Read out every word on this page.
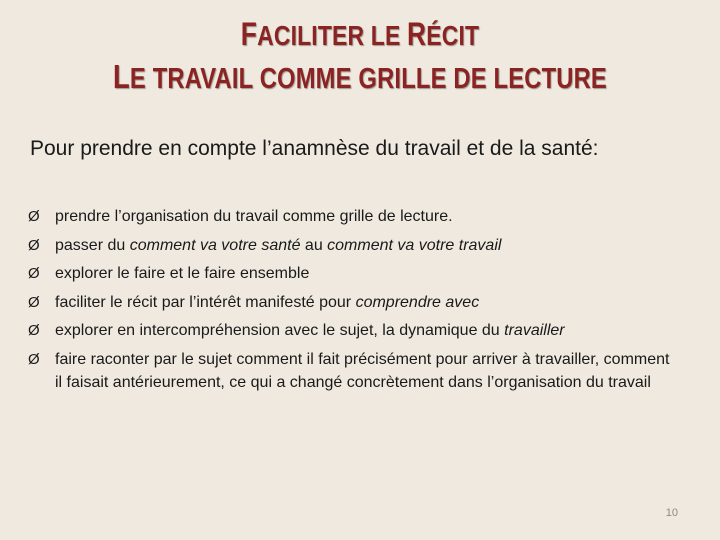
FACILITER LE RÉCIT
LE TRAVAIL COMME GRILLE DE LECTURE
Pour prendre en compte l’anamnèse du travail et de la santé:
Ø prendre l’organisation du travail comme grille de lecture.
Ø passer du comment va votre santé au comment va votre travail
Ø explorer le faire et le faire ensemble
Ø faciliter le récit par l’intérêt manifesté pour comprendre avec
Ø explorer en intercompréhension avec le sujet, la dynamique du travailler
Ø faire raconter par le sujet comment il fait précisément pour arriver à travailler, comment il faisait antérieurement, ce qui a changé concrètement dans l’organisation du travail
10
